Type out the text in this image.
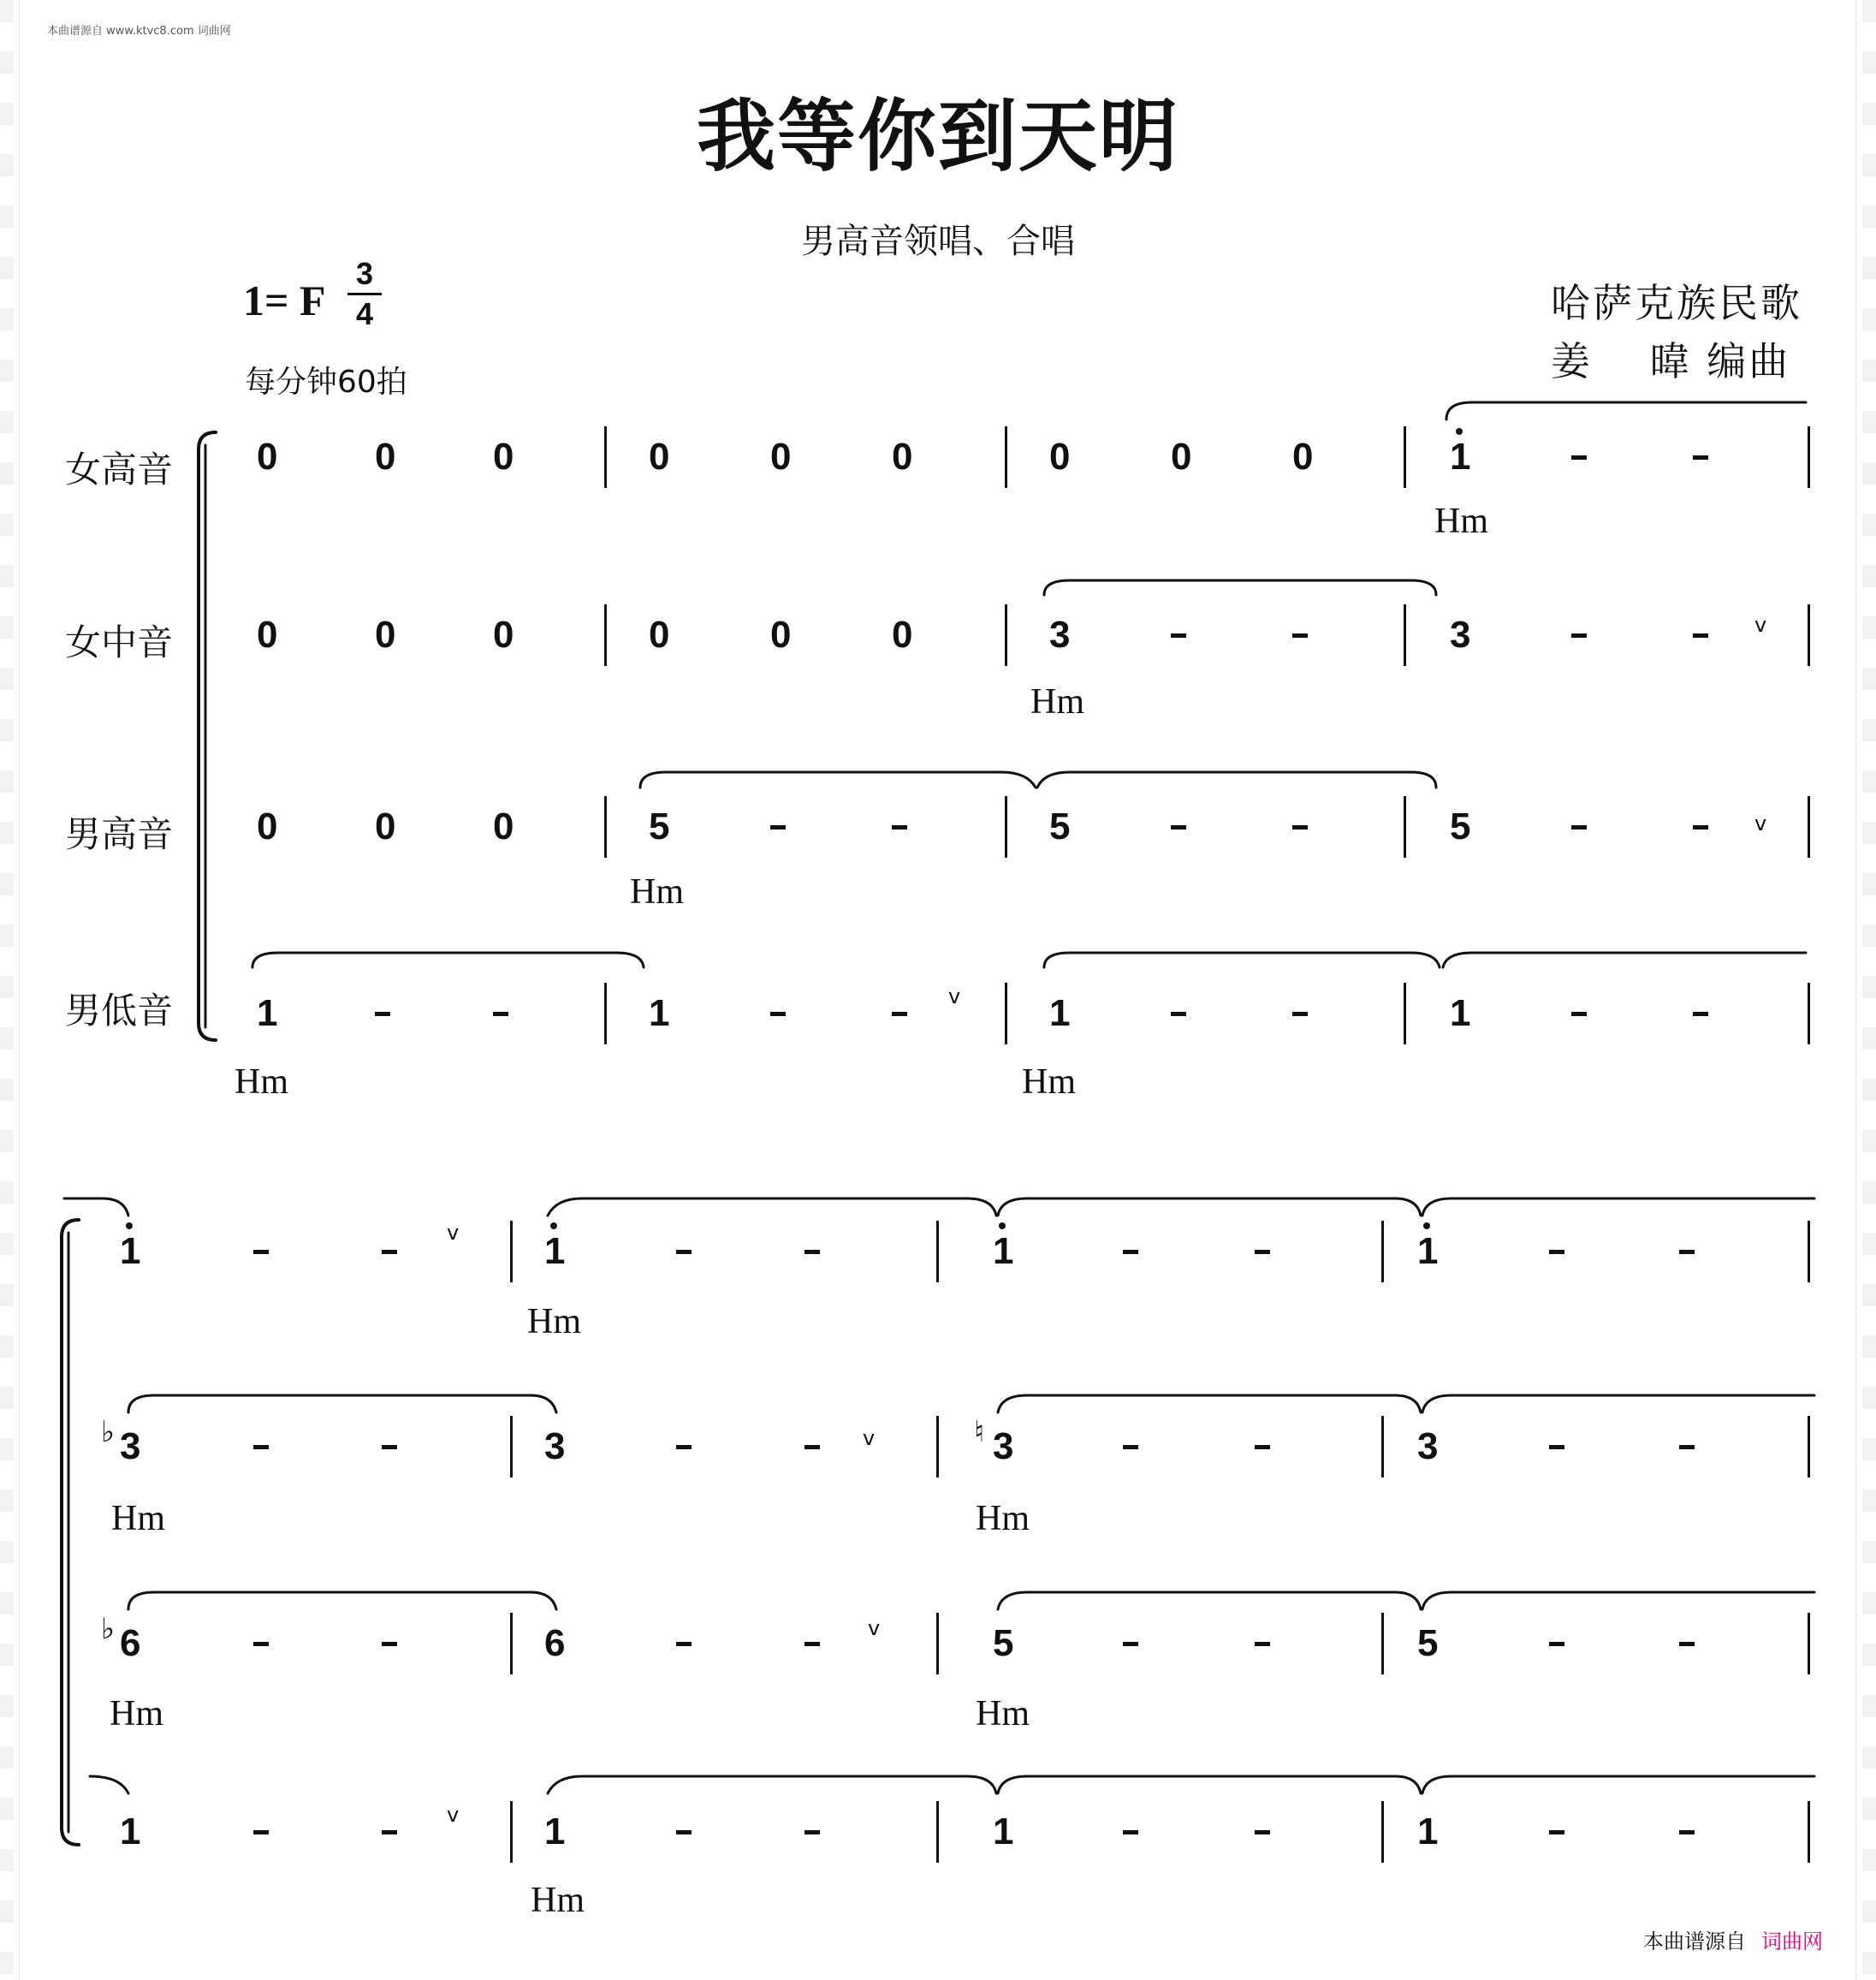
本曲谱源自 www.ktvc8.com 词曲网
我等你到天明
男高音领唱、合唱
1= F
3
4
每分钟60拍
哈萨克族民歌
姜　 暐 编曲
女高音
女中音
男高音
男低音
0	0	0	0	0	0	0	0	0	1
Hm
0	0	0	0	0	0	3	3	v
Hm
0	0	0	5	5	5	v
Hm
1	1	1	1
v
Hm	Hm
1	1	1	1
v
Hm
♭ 3	3	♮ 3	3
v
Hm	Hm
♭ 6	6	5	5
v
Hm	Hm
1	1	1	1
v
Hm
本曲谱源自 词曲网
